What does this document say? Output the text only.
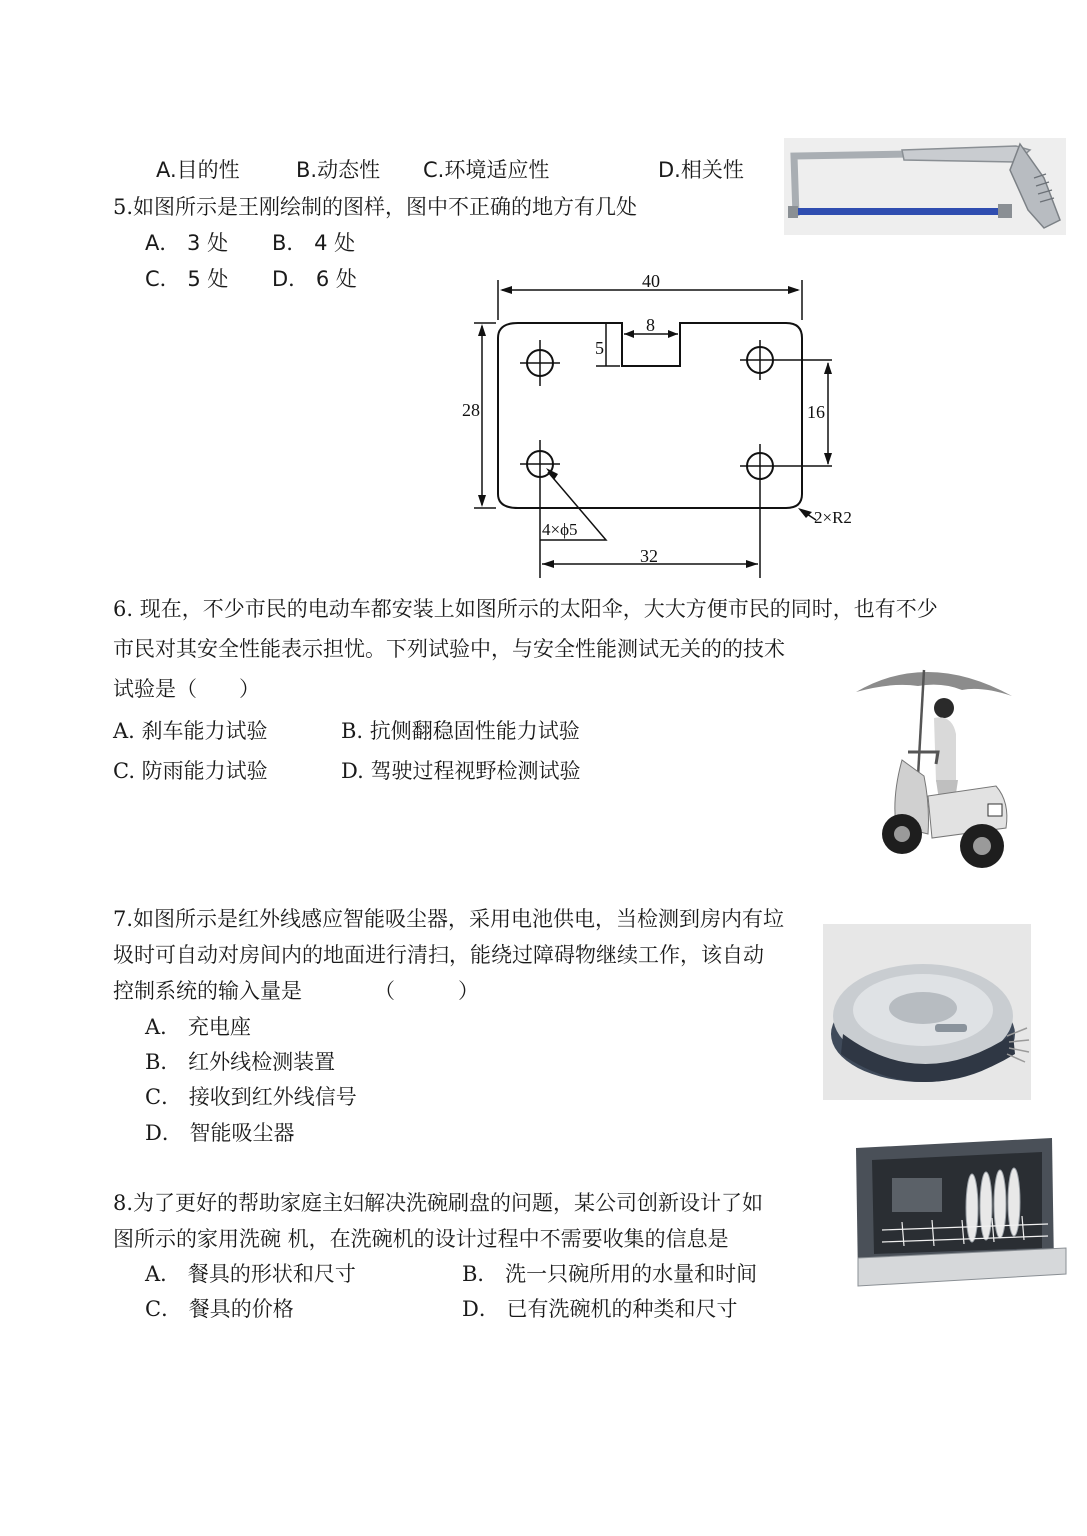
A.目的性	B.动态性 C.环境适应性	D.相关性
5.如图所示是王刚绘制的图样，图中不正确的地方有几处
A． 3 处 B． 4 处
C． 5 处 D． 6 处	40
8
5
28	16
32
4×ϕ5
2×R2
6. 现在，不少市民的电动车都安装上如图所示的太阳伞，大大方便市民的同时，也有不少
市民对其安全性能表示担忧。下列试验中，与安全性能测试无关的的技术
试验是（　　）
A. 刹车能力试验	B. 抗侧翻稳固性能力试验
C. 防雨能力试验	D. 驾驶过程视野检测试验
7.如图所示是红外线感应智能吸尘器，采用电池供电，当检测到房内有垃
圾时可自动对房间内的地面进行清扫，能绕过障碍物继续工作，该自动
控制系统的输入量是	（　　　）
A． 充电座
B． 红外线检测装置
C． 接收到红外线信号
D． 智能吸尘器
8.为了更好的帮助家庭主妇解决洗碗刷盘的问题，某公司创新设计了如
图所示的家用洗碗 机，在洗碗机的设计过程中不需要收集的信息是
A． 餐具的形状和尺寸	B． 洗一只碗所用的水量和时间
C． 餐具的价格	D． 已有洗碗机的种类和尺寸
